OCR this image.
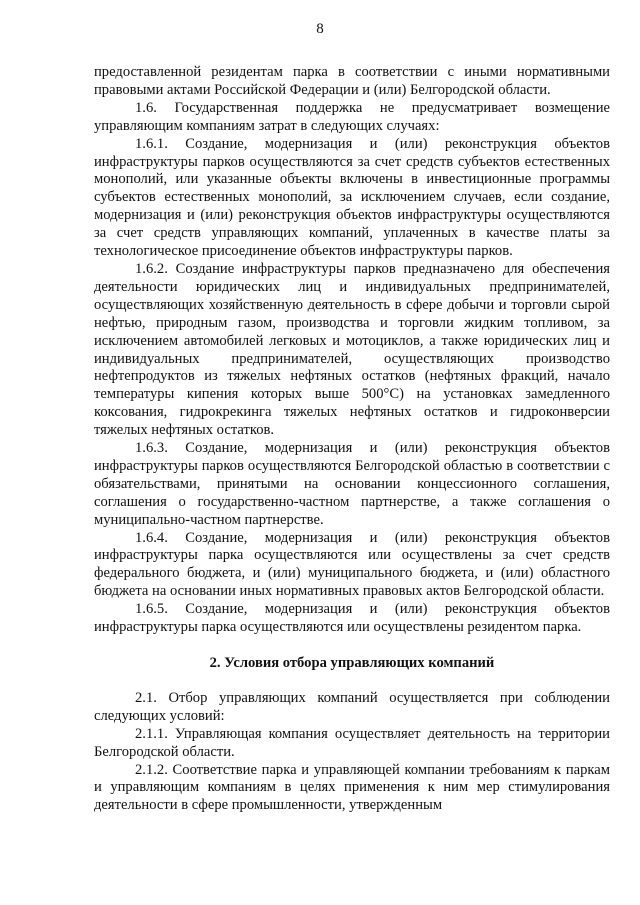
8

предоставленной резидентам парка в соответствии с иными нормативными правовыми актами Российской Федерации и (или) Белгородской области.

1.6. Государственная поддержка не предусматривает возмещение управляющим компаниям затрат в следующих случаях:

1.6.1. Создание, модернизация и (или) реконструкция объектов инфраструктуры парков осуществляются за счет средств субъектов естественных монополий, или указанные объекты включены в инвестиционные программы субъектов естественных монополий, за исключением случаев, если создание, модернизация и (или) реконструкция объектов инфраструктуры осуществляются за счет средств управляющих компаний, уплаченных в качестве платы за технологическое присоединение объектов инфраструктуры парков.

1.6.2. Создание инфраструктуры парков предназначено для обеспечения деятельности юридических лиц и индивидуальных предпринимателей, осуществляющих хозяйственную деятельность в сфере добычи и торговли сырой нефтью, природным газом, производства и торговли жидким топливом, за исключением автомобилей легковых и мотоциклов, а также юридических лиц и индивидуальных предпринимателей, осуществляющих производство нефтепродуктов из тяжелых нефтяных остатков (нефтяных фракций, начало температуры кипения которых выше 500°С) на установках замедленного коксования, гидрокрекинга тяжелых нефтяных остатков и гидроконверсии тяжелых нефтяных остатков.

1.6.3. Создание, модернизация и (или) реконструкция объектов инфраструктуры парков осуществляются Белгородской областью в соответствии с обязательствами, принятыми на основании концессионного соглашения, соглашения о государственно-частном партнерстве, а также соглашения о муниципально-частном партнерстве.

1.6.4. Создание, модернизация и (или) реконструкция объектов инфраструктуры парка осуществляются или осуществлены за счет средств федерального бюджета, и (или) муниципального бюджета, и (или) областного бюджета на основании иных нормативных правовых актов Белгородской области.

1.6.5. Создание, модернизация и (или) реконструкция объектов инфраструктуры парка осуществляются или осуществлены резидентом парка.

2. Условия отбора управляющих компаний

2.1. Отбор управляющих компаний осуществляется при соблюдении следующих условий:

2.1.1. Управляющая компания осуществляет деятельность на территории Белгородской области.

2.1.2. Соответствие парка и управляющей компании требованиям к паркам и управляющим компаниям в целях применения к ним мер стимулирования деятельности в сфере промышленности, утвержденным
